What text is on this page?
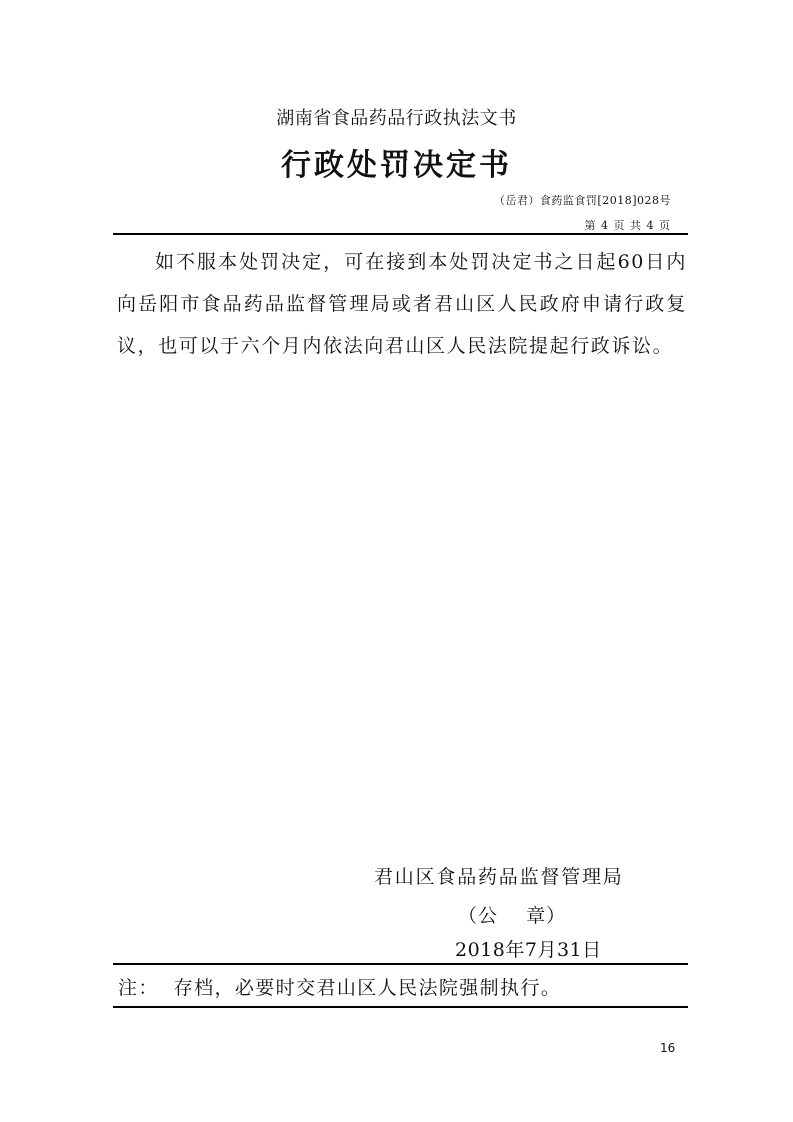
湖南省食品药品行政执法文书
行政处罚决定书
（岳君）食药监食罚[2018]028号
第 4 页 共 4 页
如不服本处罚决定，可在接到本处罚决定书之日起60日内向岳阳市食品药品监督管理局或者君山区人民政府申请行政复议，也可以于六个月内依法向君山区人民法院提起行政诉讼。
君山区食品药品监督管理局
（公    章）
2018年7月31日
注：  存档，必要时交君山区人民法院强制执行。
16
